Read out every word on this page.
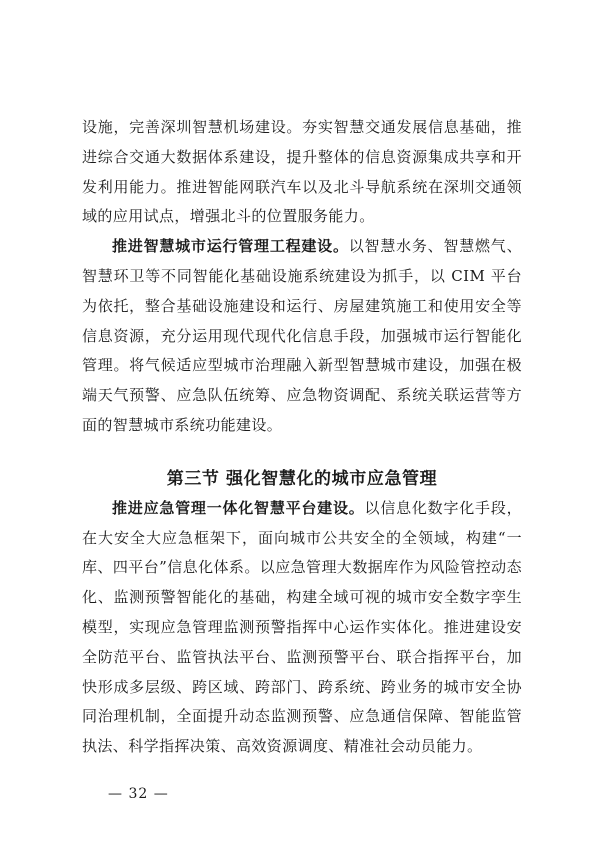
设施，完善深圳智慧机场建设。夯实智慧交通发展信息基础，推进综合交通大数据体系建设，提升整体的信息资源集成共享和开发利用能力。推进智能网联汽车以及北斗导航系统在深圳交通领域的应用试点，增强北斗的位置服务能力。

推进智慧城市运行管理工程建设。以智慧水务、智慧燃气、智慧环卫等不同智能化基础设施系统建设为抓手，以 CIM 平台为依托，整合基础设施建设和运行、房屋建筑施工和使用安全等信息资源，充分运用现代现代化信息手段，加强城市运行智能化管理。将气候适应型城市治理融入新型智慧城市建设，加强在极端天气预警、应急队伍统筹、应急物资调配、系统关联运营等方面的智慧城市系统功能建设。

第三节 强化智慧化的城市应急管理

推进应急管理一体化智慧平台建设。以信息化数字化手段，在大安全大应急框架下，面向城市公共安全的全领域，构建“一库、四平台”信息化体系。以应急管理大数据库作为风险管控动态化、监测预警智能化的基础，构建全域可视的城市安全数字孪生模型，实现应急管理监测预警指挥中心运作实体化。推进建设安全防范平台、监管执法平台、监测预警平台、联合指挥平台，加快形成多层级、跨区域、跨部门、跨系统、跨业务的城市安全协同治理机制，全面提升动态监测预警、应急通信保障、智能监管执法、科学指挥决策、高效资源调度、精准社会动员能力。

— 32 —
